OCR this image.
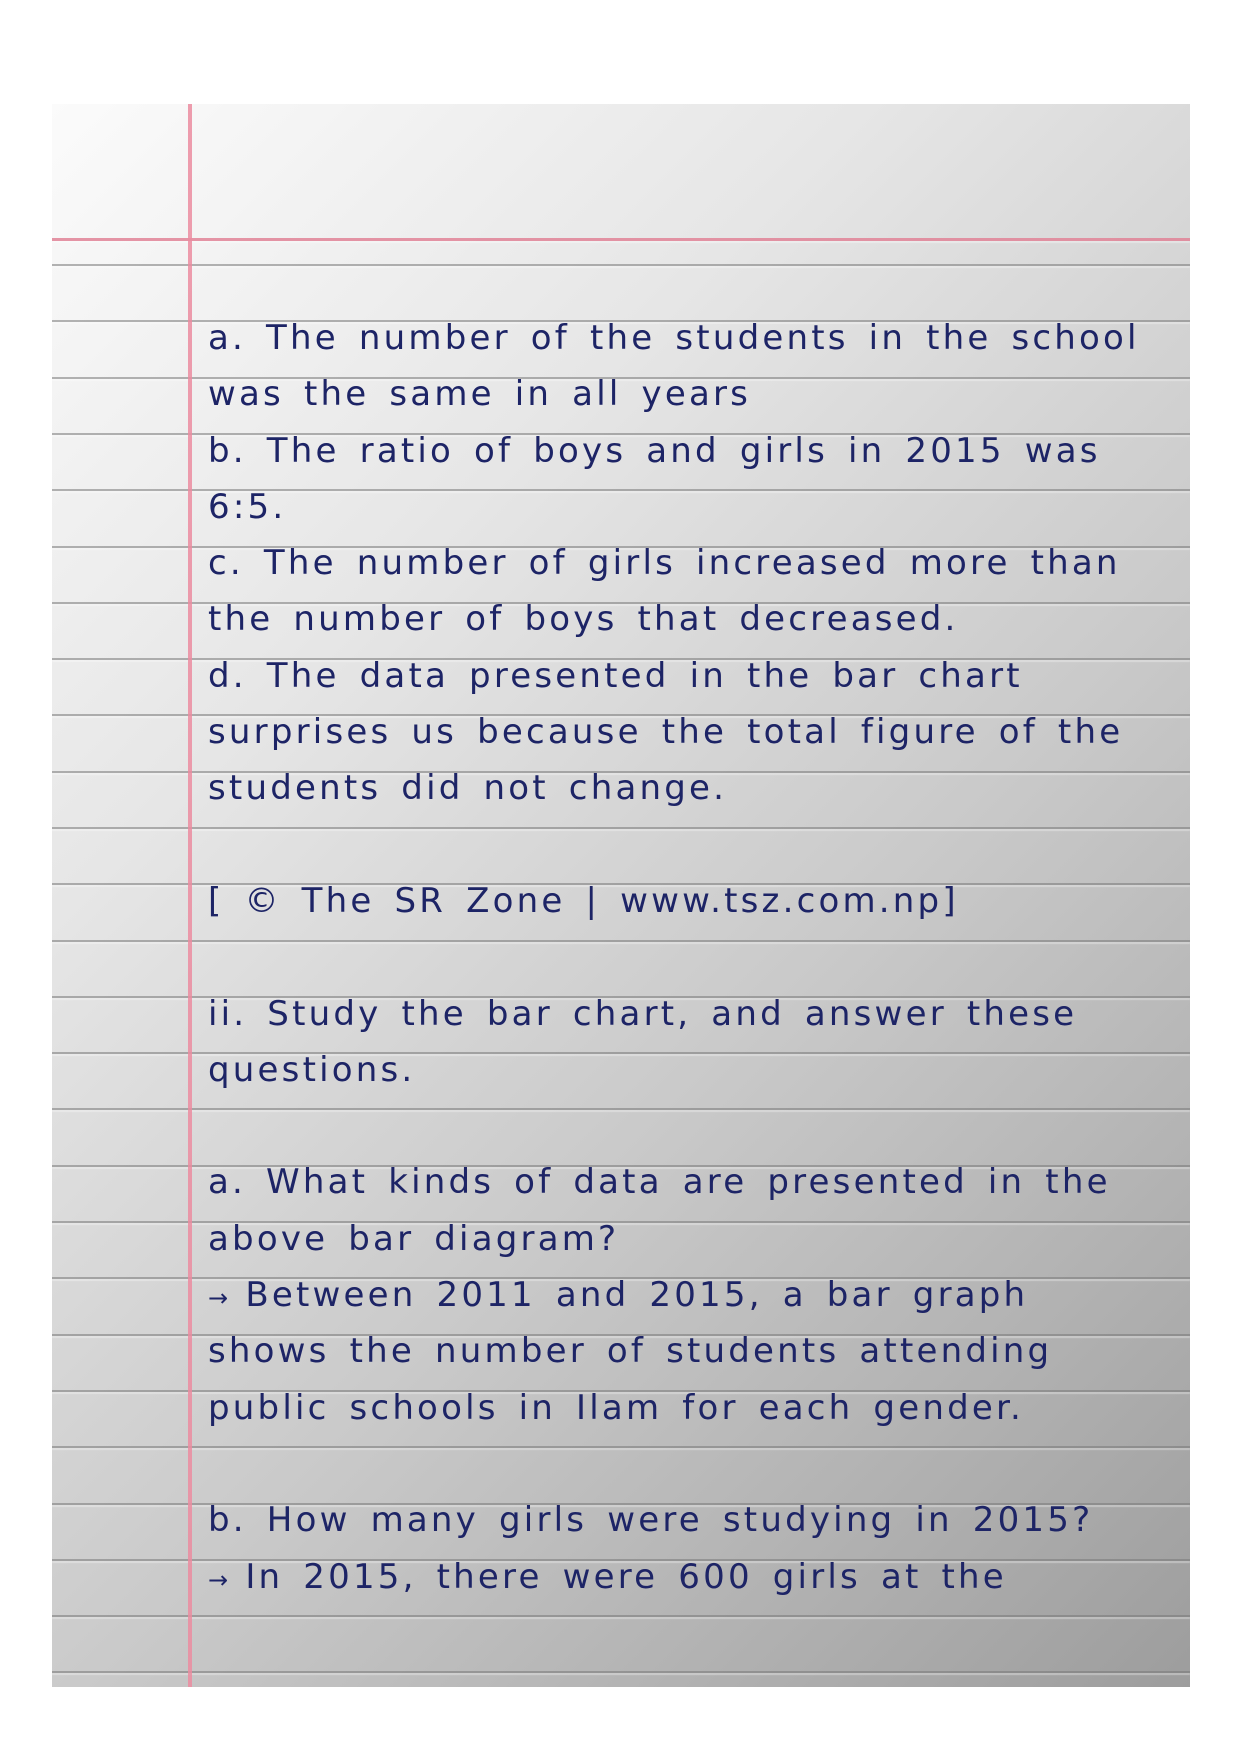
a. The number of the students in the school
was the same in all years
b. The ratio of boys and girls in 2015 was
6:5.
c. The number of girls increased more than
the number of boys that decreased.
d. The data presented in the bar chart
surprises us because the total figure of the
students did not change.
[ © The SR Zone | www.tsz.com.np]
ii. Study the bar chart, and answer these
questions.
a. What kinds of data are presented in the
above bar diagram?
→ Between 2011 and 2015, a bar graph
shows the number of students attending
public schools in Ilam for each gender.
b. How many girls were studying in 2015?
→ In 2015, there were 600 girls at the
